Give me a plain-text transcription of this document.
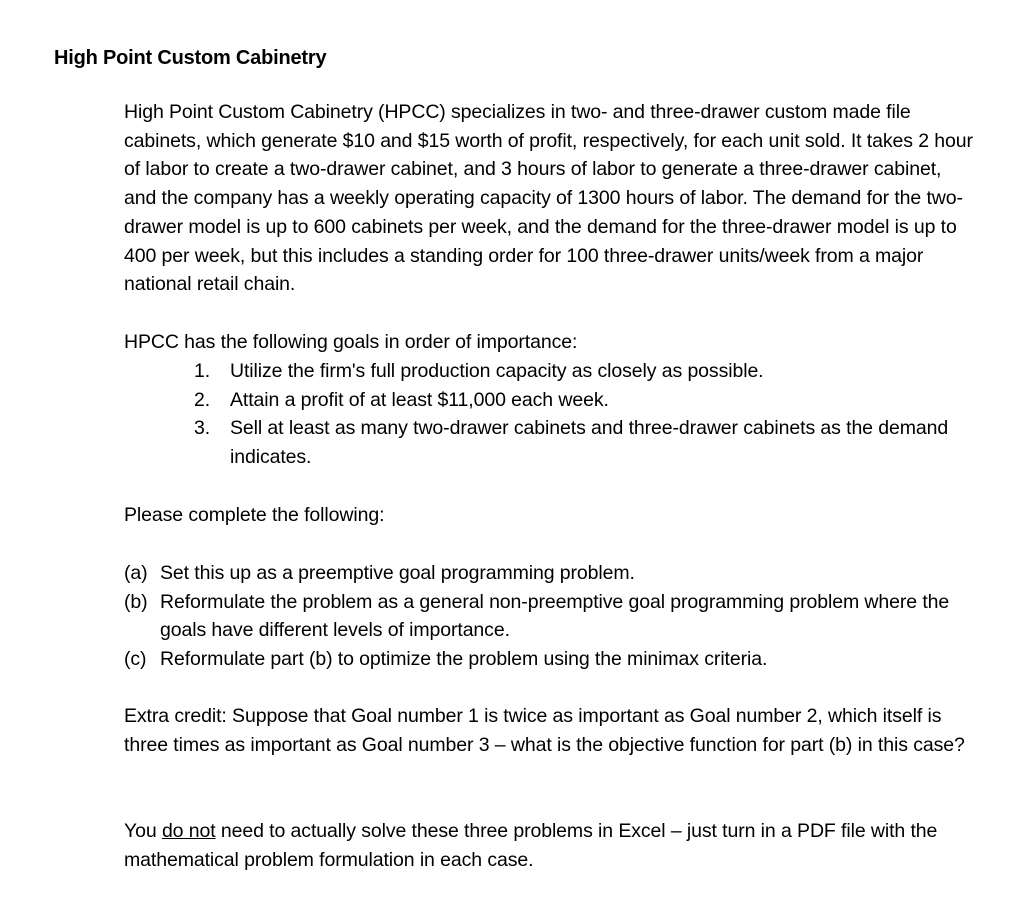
High Point Custom Cabinetry

High Point Custom Cabinetry (HPCC) specializes in two- and three-drawer custom made file cabinets, which generate $10 and $15 worth of profit, respectively, for each unit sold. It takes 2 hour of labor to create a two-drawer cabinet, and 3 hours of labor to generate a three-drawer cabinet, and the company has a weekly operating capacity of 1300 hours of labor. The demand for the two-drawer model is up to 600 cabinets per week, and the demand for the three-drawer model is up to 400 per week, but this includes a standing order for 100 three-drawer units/week from a major national retail chain.

HPCC has the following goals in order of importance:

1. Utilize the firm's full production capacity as closely as possible.
2. Attain a profit of at least $11,000 each week.
3. Sell at least as many two-drawer cabinets and three-drawer cabinets as the demand indicates.

Please complete the following:

(a) Set this up as a preemptive goal programming problem.
(b) Reformulate the problem as a general non-preemptive goal programming problem where the goals have different levels of importance.
(c) Reformulate part (b) to optimize the problem using the minimax criteria.

Extra credit: Suppose that Goal number 1 is twice as important as Goal number 2, which itself is three times as important as Goal number 3 – what is the objective function for part (b) in this case?

You do not need to actually solve these three problems in Excel – just turn in a PDF file with the mathematical problem formulation in each case.
